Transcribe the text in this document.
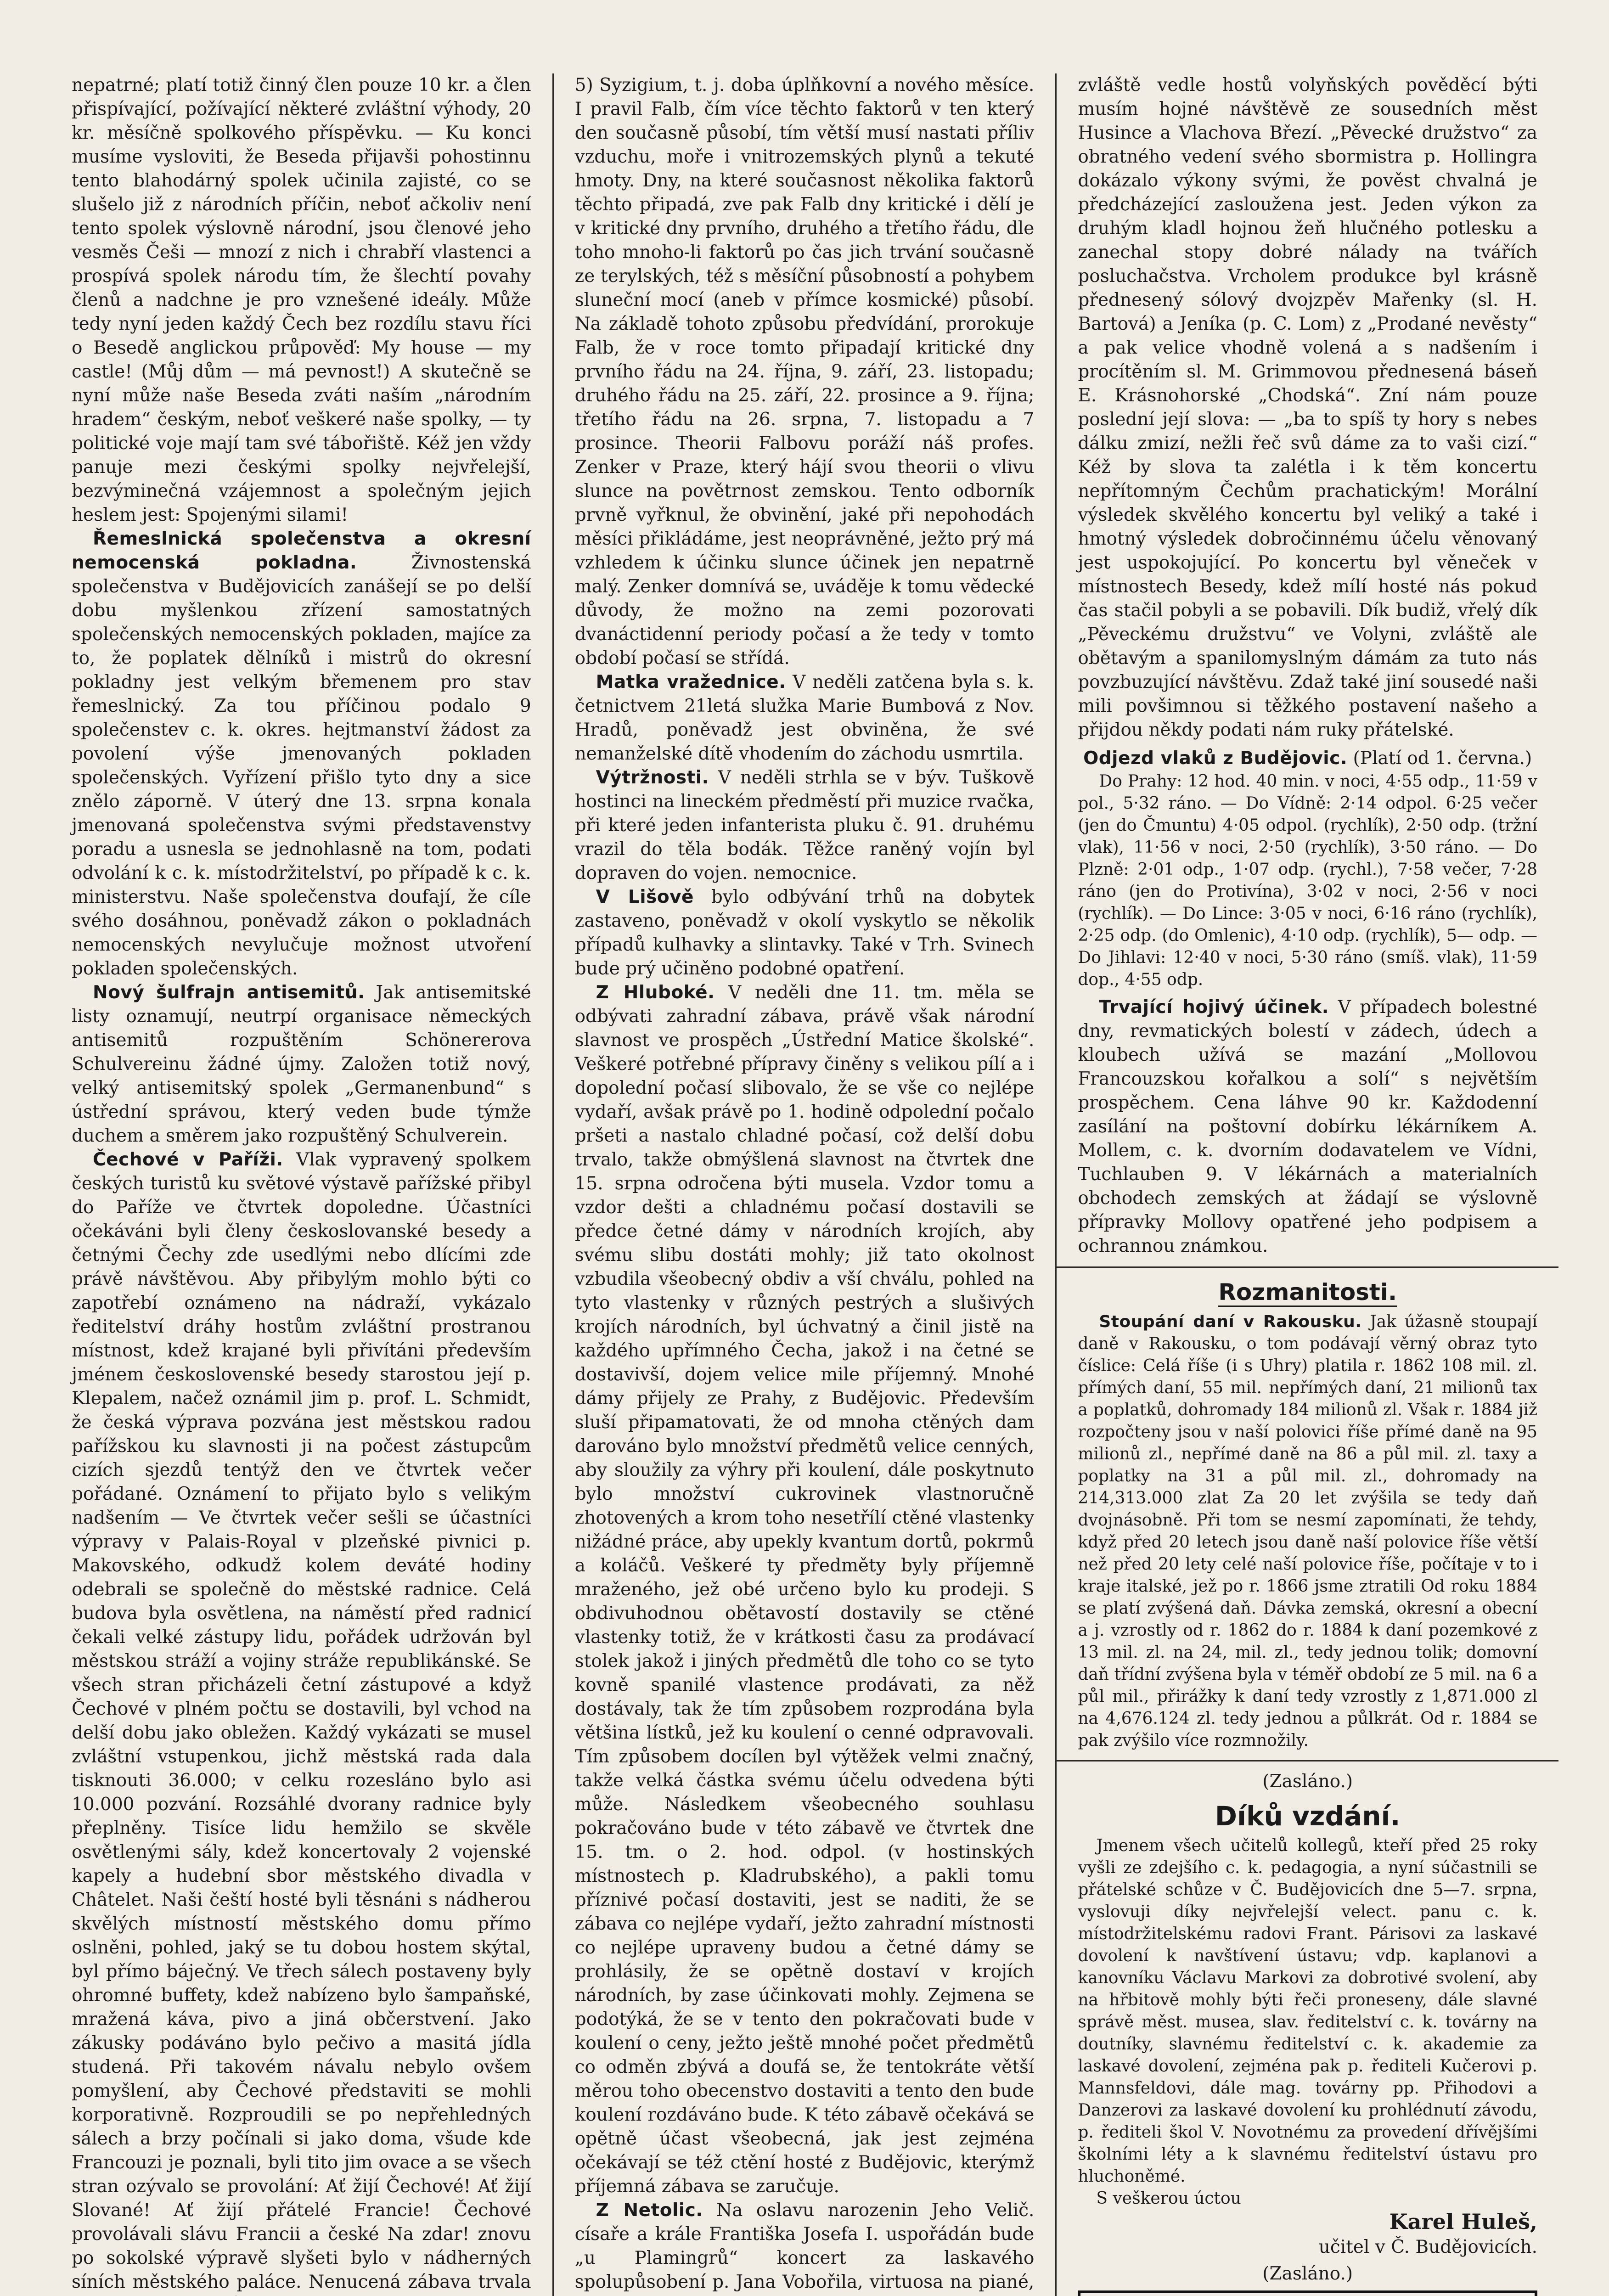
nepatrné; platí totiž činný člen pouze 10 kr. a člen přispívající, požívající některé zvláštní výhody, 20 kr. měsíčně spolkového příspěvku. — Ku konci musíme vysloviti, že Beseda přijavši pohostinnu tento blahodárný spolek učinila zajisté, co se slušelo již z národních příčin, neboť ačkoliv není tento spolek výslovně národní, jsou členové jeho vesměs Češi — mnozí z nich i chrabří vlastenci a prospívá spolek národu tím, že šlechtí povahy členů a nadchne je pro vznešené ideály. Může tedy nyní jeden každý Čech bez rozdílu stavu říci o Besedě anglickou průpověď: My house — my castle! (Můj dům — má pevnost!) A skutečně se nyní může naše Beseda zváti naším „národním hradem“ českým, neboť veškeré naše spolky, — ty politické voje mají tam své tábořiště. Kéž jen vždy panuje mezi českými spolky nejvřelejší, bezvýminečná vzájemnost a společným jejich heslem jest: Spojenými silami!

Řemeslnická společenstva a okresní nemocenská pokladna.	Živnostenská společenstva v Budějovicích zanášejí se po delší dobu myšlenkou zřízení samostatných společenských nemocenských pokladen, majíce za to, že poplatek dělníků i mistrů do okresní pokladny jest velkým břemenem pro stav řemeslnický. Za tou příčinou podalo 9 společenstev c. k. okres. hejtmanství žádost za povolení výše jmenovaných pokladen společenských. Vyřízení přišlo tyto dny a sice znělo záporně. V úterý dne 13. srpna konala jmenovaná společenstva svými představenstvy poradu a usnesla se jednohlasně na tom, podati odvolání k c. k. místodržitelství, po případě k c. k. ministerstvu. Naše společenstva doufají, že cíle svého dosáhnou, poněvadž zákon o pokladnách nemocenských nevylučuje možnost utvoření pokladen společenských.

Nový šulfrajn antisemitů. Jak antisemitské listy oznamují, neutrpí organisace německých antisemitů rozpuštěním Schönererova Schulvereinu žádné újmy. Založen totiž nový, velký antisemitský spolek „Germanenbund“ s ústřední správou, který veden bude týmže duchem a směrem jako rozpuštěný Schulverein.

Čechové v Paříži. Vlak vypravený spolkem českých turistů ku světové výstavě pařížské přibyl do Paříže ve čtvrtek dopoledne. Účastníci očekáváni byli členy českoslovanské besedy a četnými Čechy zde usedlými nebo dlícími zde právě návštěvou. Aby přibylým mohlo býti co zapotřebí oznámeno na nádraží, vykázalo ředitelství dráhy hostům zvláštní prostranou místnost, kdež krajané byli přivítáni především jménem československé besedy starostou její p. Klepalem, načež oznámil jim p. prof. L. Schmidt, že česká výprava pozvána jest městskou radou pařížskou ku slavnosti ji na počest zástupcům cizích sjezdů tentýž den ve čtvrtek večer pořádané. Oznámení to přijato bylo s velikým nadšením — Ve čtvrtek večer sešli se účastníci výpravy v Palais-Royal v plzeňské pivnici p. Makovského, odkudž kolem deváté hodiny odebrali se společně do městské radnice. Celá budova byla osvětlena, na náměstí před radnicí čekali velké zástupy lidu, pořádek udržován byl městskou stráží a vojiny stráže republikánské. Se všech stran přicházeli četní zástupové a když Čechové v plném počtu se dostavili, byl vchod na delší dobu jako obležen. Každý vykázati se musel zvláštní vstupenkou, jichž městská rada dala tisknouti 36.000; v celku rozesláno bylo asi 10.000 pozvání. Rozsáhlé dvorany radnice byly přeplněny. Tisíce lidu hemžilo se skvěle osvětlenými sály, kdež koncertovaly 2 vojenské kapely a hudební sbor městského divadla v Châtelet. Naši čeští hosté byli těsnáni s nádherou skvělých místností městského domu přímo oslněni, pohled, jaký se tu dobou hostem skýtal, byl přímo báječný. Ve třech sálech postaveny byly ohromné buffety, kdež nabízeno bylo šampaňské, mražená káva, pivo a jiná občerstvení. Jako zákusky podáváno bylo pečivo a masitá jídla studená. Při takovém návalu nebylo ovšem pomyšlení, aby Čechové představiti se mohli korporativně. Rozproudili se po nepřehledných sálech a brzy počínali si jako doma, všude kde Francouzi je poznali, byli tito jim ovace a se všech stran ozývalo se provolání: Ať žijí Čechové! Ať žijí Slované! Ať žijí přátelé Francie! Čechové provolávali slávu Francii a české Na zdar! znovu po sokolské výpravě slyšeti bylo v nádherných síních městského paláce. Nenucená zábava trvala

5) Syzigium, t. j. doba úplňkovní a nového měsíce. I pravil Falb, čím více těchto faktorů v ten který den současně působí, tím větší musí nastati příliv vzduchu, moře i vnitrozemských plynů a tekuté hmoty. Dny, na které současnost několika faktorů těchto připadá, zve pak Falb dny kritické i dělí je v kritické dny prvního, druhého a třetího řádu, dle toho mnoho-li faktorů po čas jich trvání současně ze terylských, též s měsíční působností a pohybem sluneční mocí (aneb v přímce kosmické) působí. Na základě tohoto způsobu předvídání, prorokuje Falb, že v roce tomto připadají kritické dny prvního řádu na 24. října, 9. září, 23. listopadu; druhého řádu na 25. září, 22. prosince a 9. října; třetího řádu na 26. srpna, 7. listopadu a 7 prosince. Theorii Falbovu poráží náš profes. Zenker v Praze, který hájí svou theorii o vlivu slunce na povětrnost zemskou. Tento odborník prvně vyřknul, že obvinění, jaké při nepohodách měsíci přikládáme, jest neoprávněné, ježto prý má vzhledem k účinku slunce účinek jen nepatrně malý. Zenker domnívá se, uváděje k tomu vědecké důvody, že možno na zemi pozorovati dvanáctidenní periody počasí a že tedy v tomto období počasí se střídá.

Matka vražednice. V neděli zatčena byla s. k. četnictvem 21letá služka Marie Bumbová z Nov. Hradů, poněvadž jest obviněna, že své nemanželské dítě vhodením do záchodu usmrtila.

Výtržnosti. V neděli strhla se v býv. Tuškově hostinci na lineckém předměstí při muzice rvačka, při které jeden infanterista pluku č. 91. druhému vrazil do těla bodák. Těžce raněný vojín byl dopraven do vojen. nemocnice.

V Lišově bylo odbývání trhů na dobytek zastaveno, poněvadž v okolí vyskytlo se několik případů kulhavky a slintavky. Také v Trh. Svinech bude prý učiněno podobné opatření.

Z Hluboké. V neděli dne 11. tm. měla se odbývati zahradní zábava, právě však národní slavnost ve prospěch „Ústřední Matice školské“. Veškeré potřebné přípravy činěny s velikou pílí a i dopolední počasí slibovalo, že se vše co nejlépe vydaří, avšak právě po 1. hodině odpolední počalo pršeti a nastalo chladné počasí, což delší dobu trvalo, takže obmýšlená slavnost na čtvrtek dne 15. srpna odročena býti musela. Vzdor tomu a vzdor dešti a chladnému počasí dostavili se předce četné dámy v národních krojích, aby svému slibu dostáti mohly; již tato okolnost vzbudila všeobecný obdiv a vší chválu, pohled na tyto vlastenky v různých pestrých a slušivých krojích národních, byl úchvatný a činil jistě na každého upřímného Čecha, jakož i na četné se dostavivší, dojem velice mile příjemný. Mnohé dámy přijely ze Prahy, z Budějovic. Především sluší připamatovati, že od mnoha ctěných dam darováno bylo množství předmětů velice cenných, aby sloužily za výhry při koulení, dále poskytnuto bylo množství cukrovinek vlastnoručně zhotovených a krom toho nesetřílí ctěné vlastenky nižádné práce, aby upekly kvantum dortů, pokrmů a koláčů. Veškeré ty předměty byly příjemně mraženého, jež obé určeno bylo ku prodeji. S obdivuhodnou obětavostí dostavily se ctěné vlastenky totiž, že v krátkosti času za prodávací stolek jakož i jiných předmětů dle toho co se tyto kovně spanilé vlastence prodávati, za něž dostávaly, tak že tím způsobem rozprodána byla většina lístků, jež ku koulení o cenné odpravovali. Tím způsobem docílen byl výtěžek velmi značný, takže velká částka svému účelu odvedena býti může. Následkem všeobecného souhlasu pokračováno bude v této zábavě ve čtvrtek dne 15. tm. o 2. hod. odpol. (v hostinských místnostech p. Kladrubského), a pakli tomu příznivé počasí dostaviti, jest se naditi, že se zábava co nejlépe vydaří, ježto zahradní místnosti co nejlépe upraveny budou a četné dámy se prohlásily, že se opětně dostaví v krojích národních, by zase účinkovati mohly. Zejmena se podotýká, že se v tento den pokračovati bude v koulení o ceny, ježto ještě mnohé počet předmětů co odměn zbývá a doufá se, že tentokráte větší měrou toho obecenstvo dostaviti a tento den bude koulení rozdáváno bude. K této zábavě očekává se opětně účast všeobecná, jak jest zejména očekávají se též ctění hosté z Budějovic, kterýmž příjemná zábava se zaručuje.

Z Netolic. Na oslavu narozenin Jeho Velič. císaře a krále Františka Josefa I. uspořádán bude „u Plamingrů“ koncert za laskavého spolupůsobení p. Jana Vobořila, virtuosa na piané,

zvláště vedle hostů volyňských pověděcí býti musím hojné návštěvě ze sousedních měst Husince a Vlachova Březí. „Pěvecké družstvo“ za obratného vedení svého sbormistra p. Hollingra dokázalo výkony svými, že pověst chvalná je předcházející zasloužena jest. Jeden výkon za druhým kladl hojnou žeň hlučného potlesku a zanechal stopy dobré nálady na tvářích posluchačstva. Vrcholem produkce byl krásně přednesený sólový dvojzpěv Mařenky (sl. H. Bartová) a Jeníka (p. C. Lom) z „Prodané nevěsty“ a pak velice vhodně volená a s nadšením i procítěním sl. M. Grimmovou přednesená báseň E. Krásnohorské „Chodská“. Zní nám pouze poslední její slova: — „ba to spíš ty hory s nebes dálku zmizí, nežli řeč svů dáme za to vaši cizí.“ Kéž by slova ta zalétla i k těm koncertu nepřítomným Čechům prachatickým! Morální výsledek skvělého koncertu byl veliký a také i hmotný výsledek dobročinnému účelu věnovaný jest uspokojující. Po koncertu byl věneček v místnostech Besedy, kdež mílí hosté nás pokud čas stačil pobyli a se pobavili. Dík budiž, vřelý dík „Pěveckému družstvu“ ve Volyni, zvláště ale obětavým a spanilomyslným dámám za tuto nás povzbuzující návštěvu. Zdaž také jiní sousedé naši mili povšimnou si těžkého postavení našeho a přijdou někdy podati nám ruky přátelské.

Odjezd vlaků z Budějovic. (Platí od 1. června.)

Do Prahy: 12 hod. 40 min. v noci, 4·55 odp., 11·59 v pol., 5·32 ráno. — Do Vídně: 2·14 odpol. 6·25 večer (jen do Čmuntu) 4·05 odpol. (rychlík), 2·50 odp. (tržní vlak), 11·56 v noci, 2·50 (rychlík), 3·50 ráno. — Do Plzně: 2·01 odp., 1·07 odp. (rychl.), 7·58 večer, 7·28 ráno (jen do Protivína), 3·02 v noci, 2·56 v noci (rychlík). — Do Lince: 3·05 v noci, 6·16 ráno (rychlík), 2·25 odp. (do Omlenic), 4·10 odp. (rychlík), 5— odp. — Do Jihlavi: 12·40 v noci, 5·30 ráno (smíš. vlak), 11·59 dop., 4·55 odp.

Trvající hojivý účinek. V případech bolestné dny, revmatických bolestí v zádech, údech a kloubech užívá se mazání „Mollovou Francouzskou kořalkou a solí“ s největším prospěchem. Cena láhve 90 kr. Každodenní zasílání na poštovní dobírku lékárníkem A. Mollem, c. k. dvorním dodavatelem ve Vídni, Tuchlauben 9. V lékárnách a materialních obchodech zemských at žádají se výslovně přípravky Mollovy opatřené jeho podpisem a ochrannou známkou.

Rozmanitosti.

Stoupání daní v Rakousku. Jak úžasně stoupají daně v Rakousku, o tom podávají věrný obraz tyto číslice: Celá říše (i s Uhry) platila r. 1862 108 mil. zl. přímých daní, 55 mil. nepřímých daní, 21 milionů tax a poplatků, dohromady 184 milionů zl. Však r. 1884 již rozpočteny jsou v naší polovici říše přímé daně na 95 milionů zl., nepřímé daně na 86 a půl mil. zl. taxy a poplatky na 31 a půl mil. zl., dohromady na 214,313.000 zlat Za 20 let zvýšila se tedy daň dvojnásobně. Při tom se nesmí zapomínati, že tehdy, když před 20 letech jsou daně naší polovice říše větší než před 20 lety celé naší polovice říše, počítaje v to i kraje italské, jež po r. 1866 jsme ztratili Od roku 1884 se platí zvýšená daň. Dávka zemská, okresní a obecní a j. vzrostly od r. 1862 do r. 1884 k daní pozemkové z 13 mil. zl. na 24, mil. zl., tedy jednou tolik; domovní daň třídní zvýšena byla v téměř období ze 5 mil. na 6 a půl mil., přirážky k daní tedy vzrostly z 1,871.000 zl na 4,676.124 zl. tedy jednou a půlkrát. Od r. 1884 se pak zvýšilo více rozmnožily.

(Zasláno.)

Díků vzdání.

Jmenem všech učitelů kollegů, kteří před 25 roky vyšli ze zdejšího c. k. pedagogia, a nyní súčastnili se přátelské schůze v Č. Budějovicích dne 5—7. srpna, vyslovuji díky nejvřelejší velect. panu c. k. místodržitelskému radovi Frant. Párisovi za laskavé dovolení k navštívení ústavu; vdp. kaplanovi a kanovníku Václavu Markovi za dobrotivé svolení, aby na hřbitově mohly býti řeči proneseny, dále slavné správě měst. musea, slav. ředitelství c. k. továrny na doutníky, slavnému ředitelství c. k. akademie za laskavé dovolení, zejména pak p. řediteli Kučerovi p. Mannsfeldovi, dále mag. továrny pp. Přihodovi a Danzerovi za laskavé dovolení ku prohlédnutí závodu, p. řediteli škol V. Novotnému za provedení dřívějšími školními léty a k slavnému ředitelství ústavu pro hluchoněmé.

S veškerou úctou

Karel Huleš,
učitel v Č. Budějovicích.

(Zasláno.)
